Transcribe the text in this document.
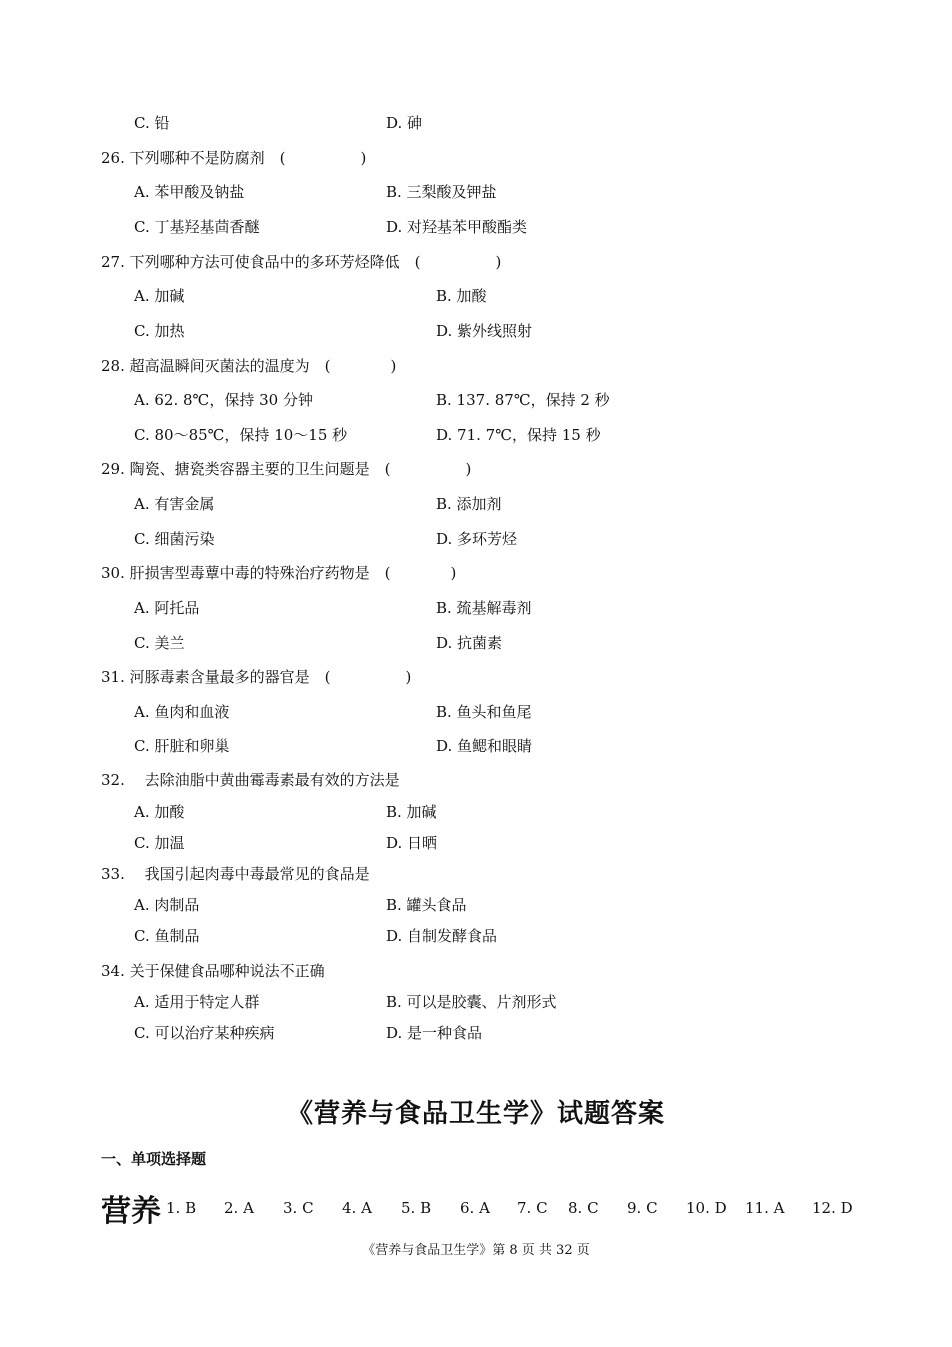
C. 铅	D. 砷
26. 下列哪种不是防腐剂　(　　　　　)
A. 苯甲酸及钠盐	B. 三梨酸及钾盐
C. 丁基羟基茴香醚	D. 对羟基苯甲酸酯类
27. 下列哪种方法可使食品中的多环芳烃降低　(　　　　　)
A. 加碱	B. 加酸
C. 加热	D. 紫外线照射
28. 超高温瞬间灭菌法的温度为　(　　　　)
A. 62. 8℃，保持 30 分钟	B. 137. 87℃，保持 2 秒
C. 80～85℃，保持 10～15 秒	D. 71. 7℃，保持 15 秒
29. 陶瓷、搪瓷类容器主要的卫生问题是　(　　　　　)
A. 有害金属	B. 添加剂
C. 细菌污染	D. 多环芳烃
30. 肝损害型毒蕈中毒的特殊治疗药物是　(　　　　)
A. 阿托品	B. 巯基解毒剂
C. 美兰	D. 抗菌素
31. 河豚毒素含量最多的器官是　(　　　　　)
A. 鱼肉和血液	B. 鱼头和鱼尾
C. 肝脏和卵巢	D. 鱼鳃和眼睛
32. 　去除油脂中黄曲霉毒素最有效的方法是
A. 加酸	B. 加碱
C. 加温	D. 日晒
33. 　我国引起肉毒中毒最常见的食品是
A. 肉制品	B. 罐头食品
C. 鱼制品	D. 自制发酵食品
34. 关于保健食品哪种说法不正确
A. 适用于特定人群	B. 可以是胶囊、片剂形式
C. 可以治疗某种疾病	D. 是一种食品
《营养与食品卫生学》试题答案
一、单项选择题
营养 1. B 2. A 3. C 4. A 5. B 6. A 7. C 8. C 9. C 10. D 11. A 12. D
《营养与食品卫生学》第 8 页 共 32 页
